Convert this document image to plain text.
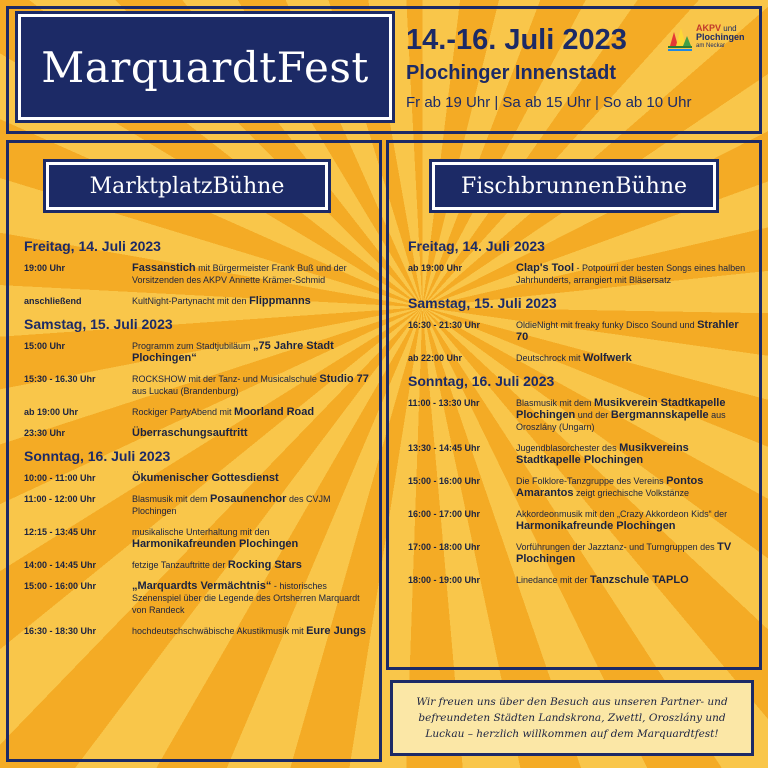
MarquardtFest
14.-16. Juli 2023
Plochinger Innenstadt
Fr ab 19 Uhr | Sa ab 15 Uhr | So ab 10 Uhr
AKPV und
Plochingen
am Neckar
MarktplatzBühne	FischbrunnenBühne
Freitag, 14. Juli 2023
19:00 Uhr	Fassanstich mit Bürgermeister Frank Buß und der Vorsitzenden des AKPV Annette Krämer-Schmid
anschließend	KultNight-Partynacht mit den Flippmanns
Samstag, 15. Juli 2023
15:00 Uhr	Programm zum Stadtjubiläum „75 Jahre Stadt Plochingen“
15:30 - 16.30 Uhr	ROCKSHOW mit der Tanz- und Musicalschule Studio 77 aus Luckau (Brandenburg)
ab 19:00 Uhr	Rockiger PartyAbend mit Moorland Road
23:30 Uhr	Überraschungsauftritt
Sonntag, 16. Juli 2023
10:00 - 11:00 Uhr	Ökumenischer Gottesdienst
11:00 - 12:00 Uhr	Blasmusik mit dem Posaunenchor des CVJM Plochingen
12:15 - 13:45 Uhr	musikalische Unterhaltung mit den Harmonikafreunden Plochingen
14:00 - 14:45 Uhr	fetzige Tanzauftritte der Rocking Stars
15:00 - 16:00 Uhr	„Marquardts Vermächtnis“ - historisches Szenenspiel über die Legende des Ortsherren Marquardt von Randeck
16:30 - 18:30 Uhr	hochdeutschschwäbische Akustikmusik mit Eure Jungs
Freitag, 14. Juli 2023
ab 19:00 Uhr	Clap's Tool - Potpourri der besten Songs eines halben Jahrhunderts, arrangiert mit Bläsersatz
Samstag, 15. Juli 2023
16:30 - 21:30 Uhr	OldieNight mit freaky funky Disco Sound und Strahler 70
ab 22:00 Uhr	Deutschrock mit Wolfwerk
Sonntag, 16. Juli 2023
11:00 - 13:30 Uhr	Blasmusik mit dem Musikverein Stadtkapelle Plochingen und der Bergmannskapelle aus Oroszlány (Ungarn)
13:30 - 14:45 Uhr	Jugendblasorchester des Musikvereins Stadtkapelle Plochingen
15:00 - 16:00 Uhr	Die Folklore-Tanzgruppe des Vereins Pontos Amarantos zeigt griechische Volkstänze
16:00 - 17:00 Uhr	Akkordeonmusik mit den „Crazy Akkordeon Kids“ der Harmonikafreunde Plochingen
17:00 - 18:00 Uhr	Vorführungen der Jazztanz- und Turngruppen des TV Plochingen
18:00 - 19:00 Uhr	Linedance mit der Tanzschule TAPLO
Wir freuen uns über den Besuch aus unseren Partner- und befreundeten Städten Landskrona, Zwettl, Oroszlány und Luckau – herzlich willkommen auf dem Marquardtfest!
